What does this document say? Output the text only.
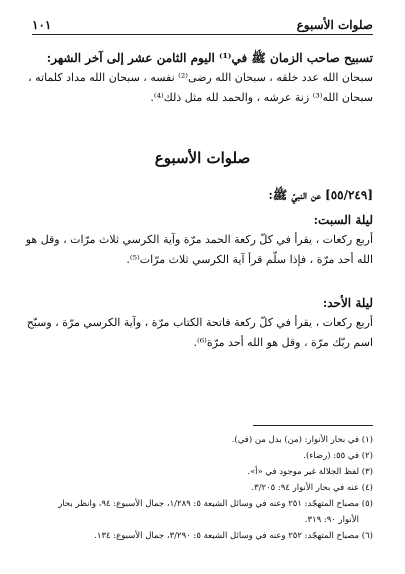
صلوات الأسبوع
١٠١
تسبيح صاحب الزمان ﷺ في⁽¹⁾ اليوم الثامن عشر إلى آخر الشهر:
سبحان الله عدد خلقه ، سبحان الله رضى⁽²⁾ نفسه ، سبحان الله مداد كلماته ،
سبحان الله⁽³⁾ زنة عرشه ، والحمد لله مثل ذلك⁽⁴⁾.
صلوات الأسبوع
[٥٥/٢٤٩] عن النبيّ ﷺ:
ليلة السبت:
أربع ركعات ، يقرأ في كلّ ركعة الحمد مرّة وآية الكرسي ثلاث مرّات ، وقل هو
الله أحد مرّة ، فإذا سلّم قرأ آية الكرسي ثلاث مرّات⁽⁵⁾.
ليلة الأحد:
أربع ركعات ، يقرأ في كلّ ركعة فاتحة الكتاب مرّة ، وآية الكرسي مرّة ، وسبّح
اسم ربّك مرّة ، وقل هو الله أحد مرّة⁽⁶⁾.
(١) في بحار الأنوار: (من) بدل من (في).
(٢) في ٥٥: (رضاء).
(٣) لفظ الجلالة غير موجود في «أ».
(٤) عنه في بحار الأنوار ٩٤: ٣/٢٠٥.
(٥) مصباح المتهجّد: ٢٥١ وعنه في وسائل الشيعة ٥: ١/٢٨٩، جمال الأسبوع: ٩٤، وانظر بحار
الأنوار ٩٠: ٣١٩.
(٦) مصباح المتهجّد: ٢٥٢ وعنه في وسائل الشيعة ٥: ٣/٢٩٠، جمال الأسبوع: ١٣٤.
